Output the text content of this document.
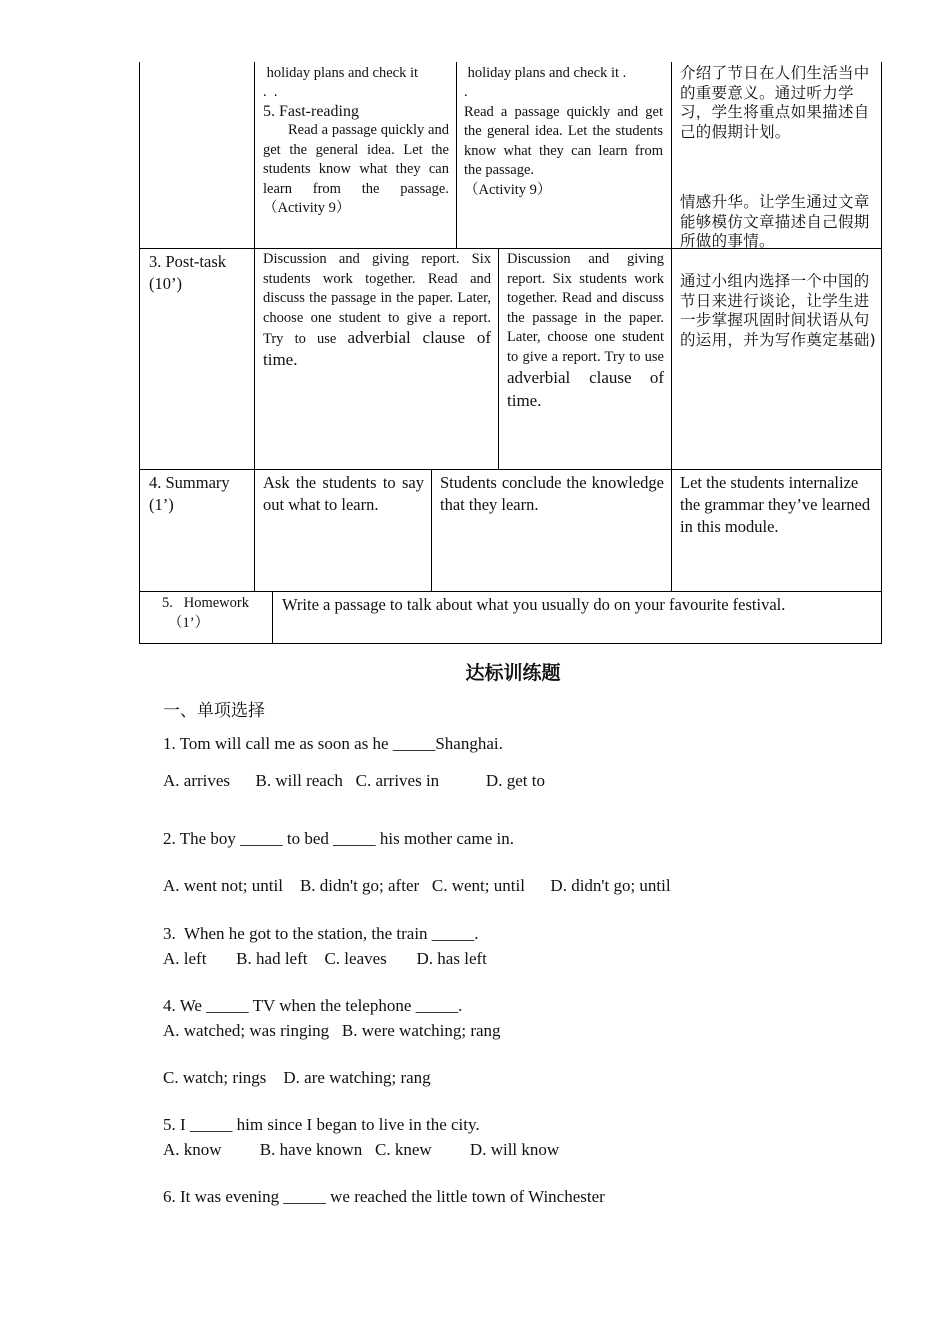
holiday plans and check it
.  .
5. Fast-reading
Read a passage quickly and get the general idea. Let the students know what they can learn from the passage.（Activity 9）
holiday plans and check it .
.
Read a passage quickly and get the general idea. Let the students know what they can learn from the passage.
（Activity 9）
介绍了节日在人们生活当中的重要意义。通过听力学习，学生将重点如果描述自己的假期计划。
情感升华。让学生通过文章能够模仿文章描述自己假期所做的事情。
3. Post-task (10’)
Discussion and giving report. Six students work together. Read and discuss the passage in the paper. Later, choose one student to give a report. Try to use adverbial clause of time.
Discussion and giving report. Six students work together. Read and discuss the passage in the paper. Later, choose one student to give a report. Try to use adverbial clause of time.
通过小组内选择一个中国的节日来进行谈论，让学生进一步掌握巩固时间状语从句的运用，并为写作奠定基础)
4. Summary (1’)
Ask the students to say out what to learn.
Students conclude the knowledge that they learn.
Let the students internalize the grammar they’ve learned in this module.
5.   Homework
（1’）
Write a passage to talk about what you usually do on your favourite festival.
达标训练题
一、单项选择
1. Tom will call me as soon as he _____Shanghai.
A. arrives      B. will reach   C. arrives in           D. get to
2. The boy _____ to bed _____ his mother came in.
A. went not; until    B. didn't go; after   C. went; until      D. didn't go; until
3.  When he got to the station, the train _____.
A. left       B. had left    C. leaves       D. has left
4. We _____ TV when the telephone _____.
A. watched; was ringing   B. were watching; rang
C. watch; rings    D. are watching; rang
5. I _____ him since I began to live in the city.
A. know         B. have known   C. knew         D. will know
6. It was evening _____ we reached the little town of Winchester
